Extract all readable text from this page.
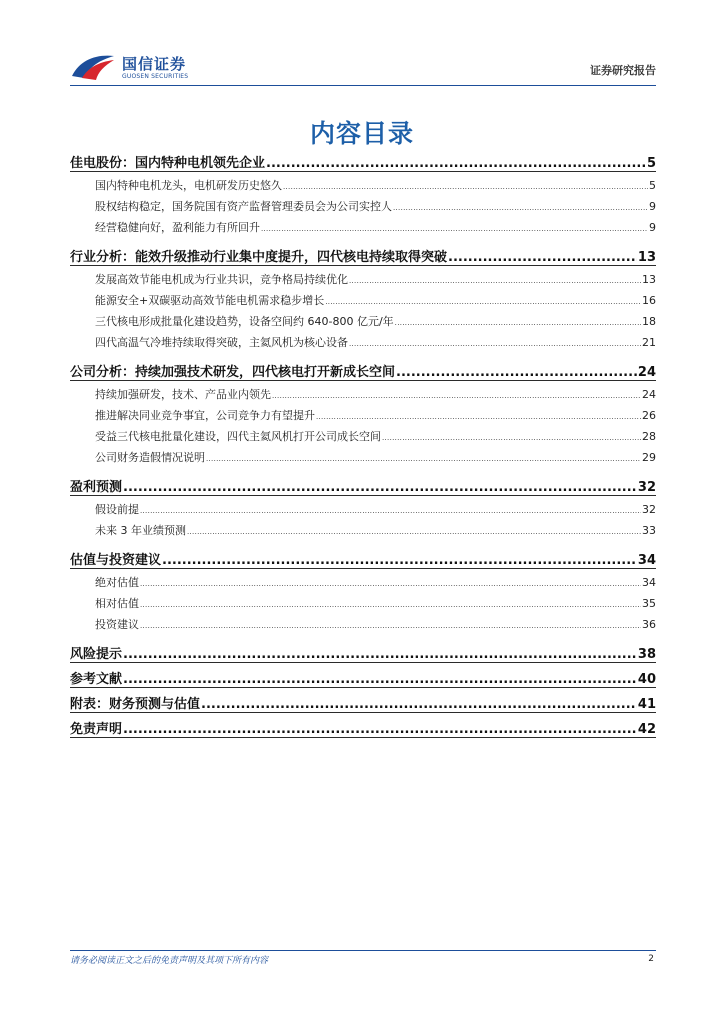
国信证券
GUOSEN SECURITIES	证券研究报告
内容目录
佳电股份：国内特种电机领先企业 .....	5
国内特种电机龙头，电机研发历史悠久 .....	5
股权结构稳定，国务院国有资产监督管理委员会为公司实控人 .....	9
经营稳健向好，盈利能力有所回升 .....	9
行业分析：能效升级推动行业集中度提升，四代核电持续取得突破 .....	13
发展高效节能电机成为行业共识，竞争格局持续优化 .....	13
能源安全+双碳驱动高效节能电机需求稳步增长 .....	16
三代核电形成批量化建设趋势，设备空间约 640-800 亿元/年 .....	18
四代高温气冷堆持续取得突破，主氦风机为核心设备 .....	21
公司分析：持续加强技术研发，四代核电打开新成长空间 .....	24
持续加强研发，技术、产品业内领先 .....	24
推进解决同业竞争事宜，公司竞争力有望提升 .....	26
受益三代核电批量化建设，四代主氦风机打开公司成长空间 .....	28
公司财务造假情况说明 .....	29
盈利预测 .....	32
假设前提 .....	32
未来 3 年业绩预测 .....	33
估值与投资建议 .....	34
绝对估值 .....	34
相对估值 .....	35
投资建议 .....	36
风险提示 .....	38
参考文献 .....	40
附表：财务预测与估值 .....	41
免责声明 .....	42
请务必阅读正文之后的免责声明及其项下所有内容	2
